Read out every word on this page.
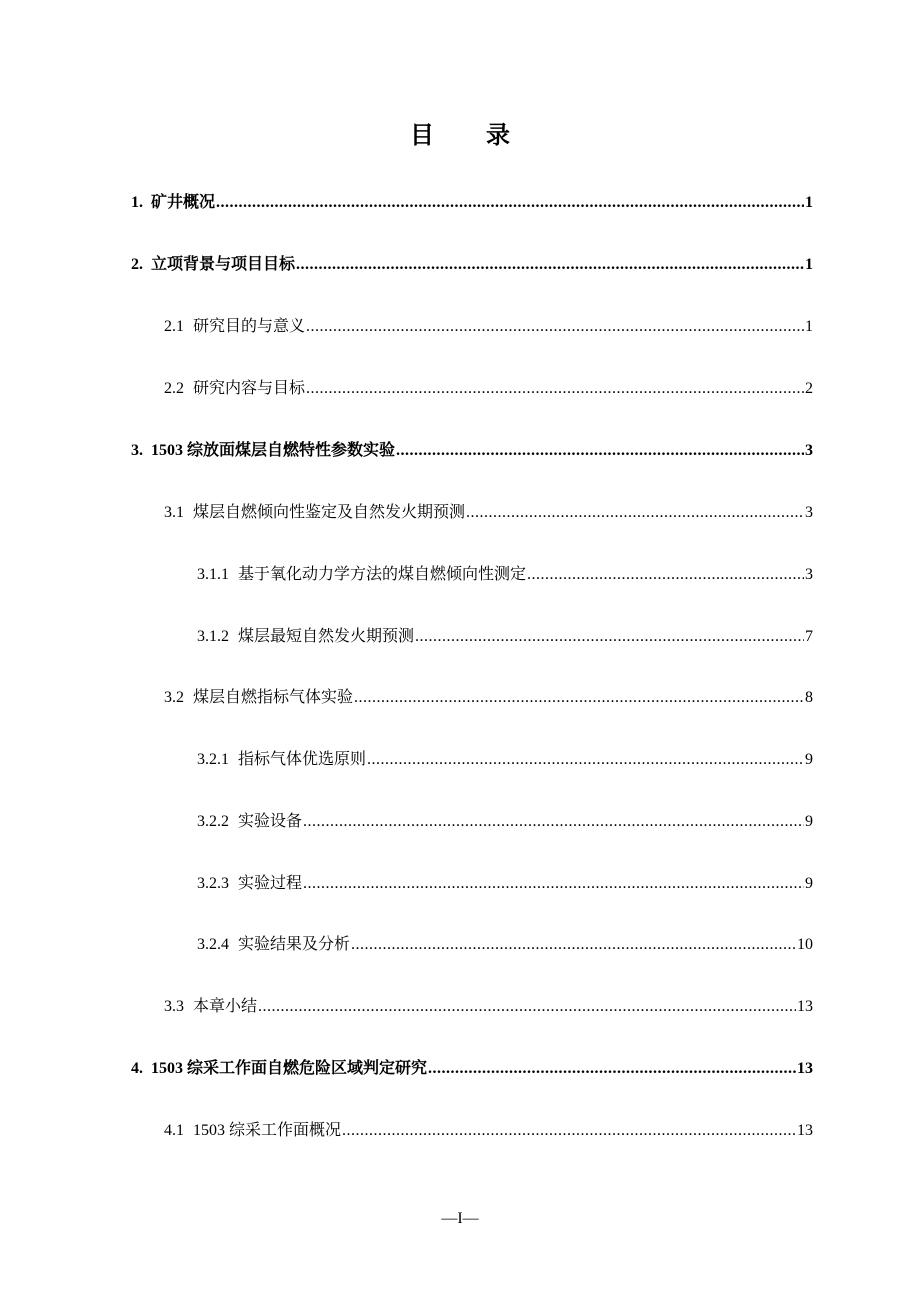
目录
1. 矿井概况 .....	1
2. 立项背景与项目目标 .....	1
2.1 研究目的与意义 .....	1
2.2 研究内容与目标 .....	2
3. 1503 综放面煤层自燃特性参数实验 .....	3
3.1 煤层自燃倾向性鉴定及自然发火期预测 .....	3
3.1.1 基于氧化动力学方法的煤自燃倾向性测定 .....	3
3.1.2 煤层最短自然发火期预测 .....	7
3.2 煤层自燃指标气体实验 .....	8
3.2.1 指标气体优选原则 .....	9
3.2.2 实验设备 .....	9
3.2.3 实验过程 .....	9
3.2.4 实验结果及分析 .....	10
3.3 本章小结 .....	13
4. 1503 综采工作面自燃危险区域判定研究 .....	13
4.1 1503 综采工作面概况 .....	13
—I—
